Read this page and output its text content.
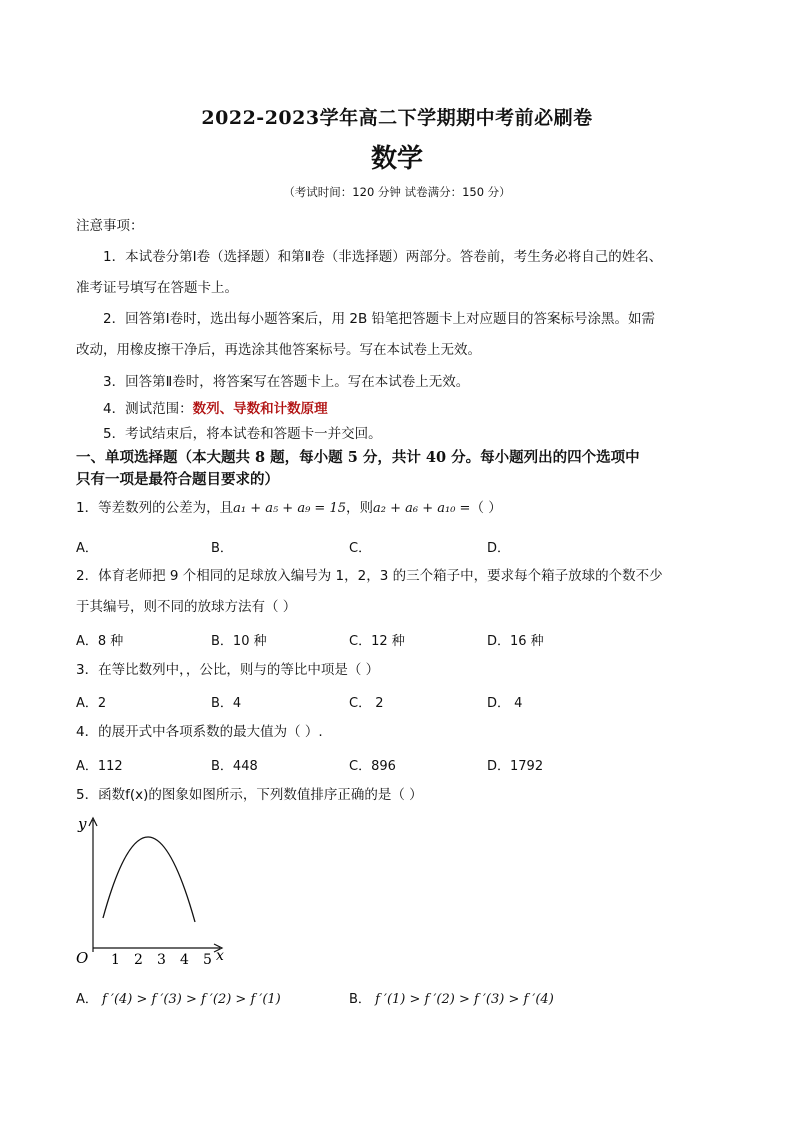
2022-2023学年高二下学期期中考前必刷卷
数学
（考试时间：120 分钟 试卷满分：150 分）
注意事项：
1．本试卷分第Ⅰ卷（选择题）和第Ⅱ卷（非选择题）两部分。答卷前，考生务必将自己的姓名、
准考证号填写在答题卡上。
2．回答第Ⅰ卷时，选出每小题答案后，用 2B 铅笔把答题卡上对应题目的答案标号涂黑。如需
改动，用橡皮擦干净后，再选涂其他答案标号。写在本试卷上无效。
3．回答第Ⅱ卷时，将答案写在答题卡上。写在本试卷上无效。
4．测试范围：数列、导数和计数原理
5．考试结束后，将本试卷和答题卡一并交回。
一、单项选择题（本大题共 8 题，每小题 5 分，共计 40 分。每小题列出的四个选项中
只有一项是最符合题目要求的）
1．等差数列的公差为，且a₁ + a₅ + a₉ = 15，则a₂ + a₆ + a₁₀ =（ ）
A．	B．	C．	D．
2．体育老师把 9 个相同的足球放入编号为 1，2，3 的三个箱子中，要求每个箱子放球的个数不少
于其编号，则不同的放球方法有（ ）
A．8 种	B．10 种	C．12 种	D．16 种
3．在等比数列中，，公比，则与的等比中项是（ ）
A．2	B．4	C． 2	D． 4
4．的展开式中各项系数的最大值为（ ）.
A．112	B．448	C．896	D．1792
5．函数f(x)的图象如图所示，下列数值排序正确的是（ ）
y
O 1 2 3 4 5 x
A． f ′(4) > f ′(3) > f ′(2) > f ′(1)	B． f ′(1) > f ′(2) > f ′(3) > f ′(4)
